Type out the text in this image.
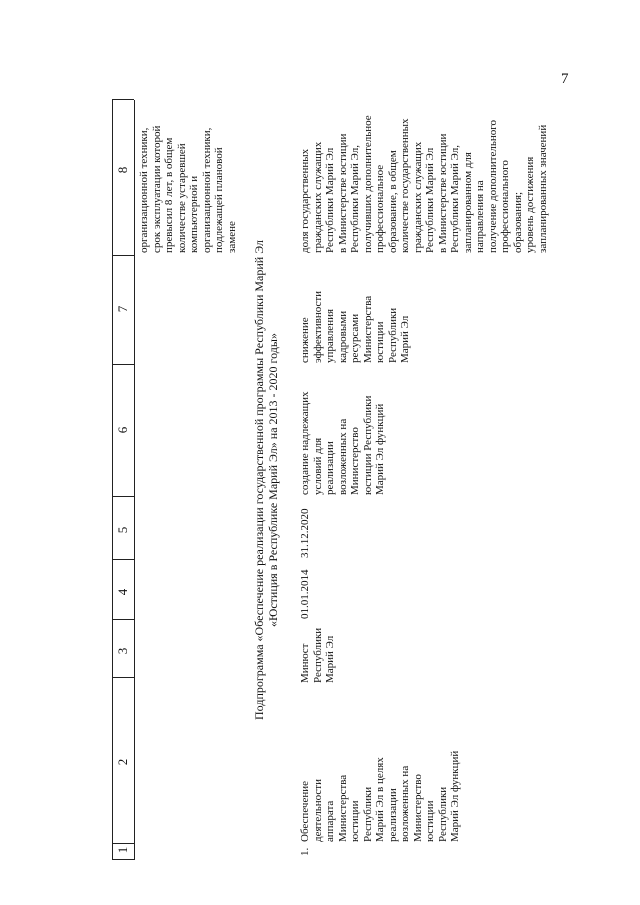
7
1
2
3
4
5
6
7
8
организационной техники,
срок эксплуатации которой
превысил 8 лет, в общем
количестве устаревшей
компьютерной и
организационной техники,
подлежащей плановой
замене
Подпрограмма «Обеспечение реализации государственной программы Республики Марий Эл «Юстиция в Республике Марий Эл» на 2013 - 2020 годы»
1.
Обеспечение
деятельности
аппарата
Министерства
юстиции
Республики
Марий Эл в целях
реализации
возложенных на
Министерство
юстиции
Республики
Марий Эл функций
Минюст
Республики
Марий Эл
01.01.2014
31.12.2020
создание надлежащих
условий для
реализации
возложенных на
Министерство
юстиции Республики
Марий Эл функций
снижение
эффективности
управления
кадровыми
ресурсами
Министерства
юстиции
Республики
Марий Эл
доля государственных
гражданских служащих
Республики Марий Эл
в Министерстве юстиции
Республики Марий Эл,
получивших дополнительное
профессиональное
образование, в общем
количестве государственных
гражданских служащих
Республики Марий Эл
в Министерстве юстиции
Республики Марий Эл,
запланированном для
направления на
получение дополнительного
профессионального
образования;
уровень достижения
запланированных значений
